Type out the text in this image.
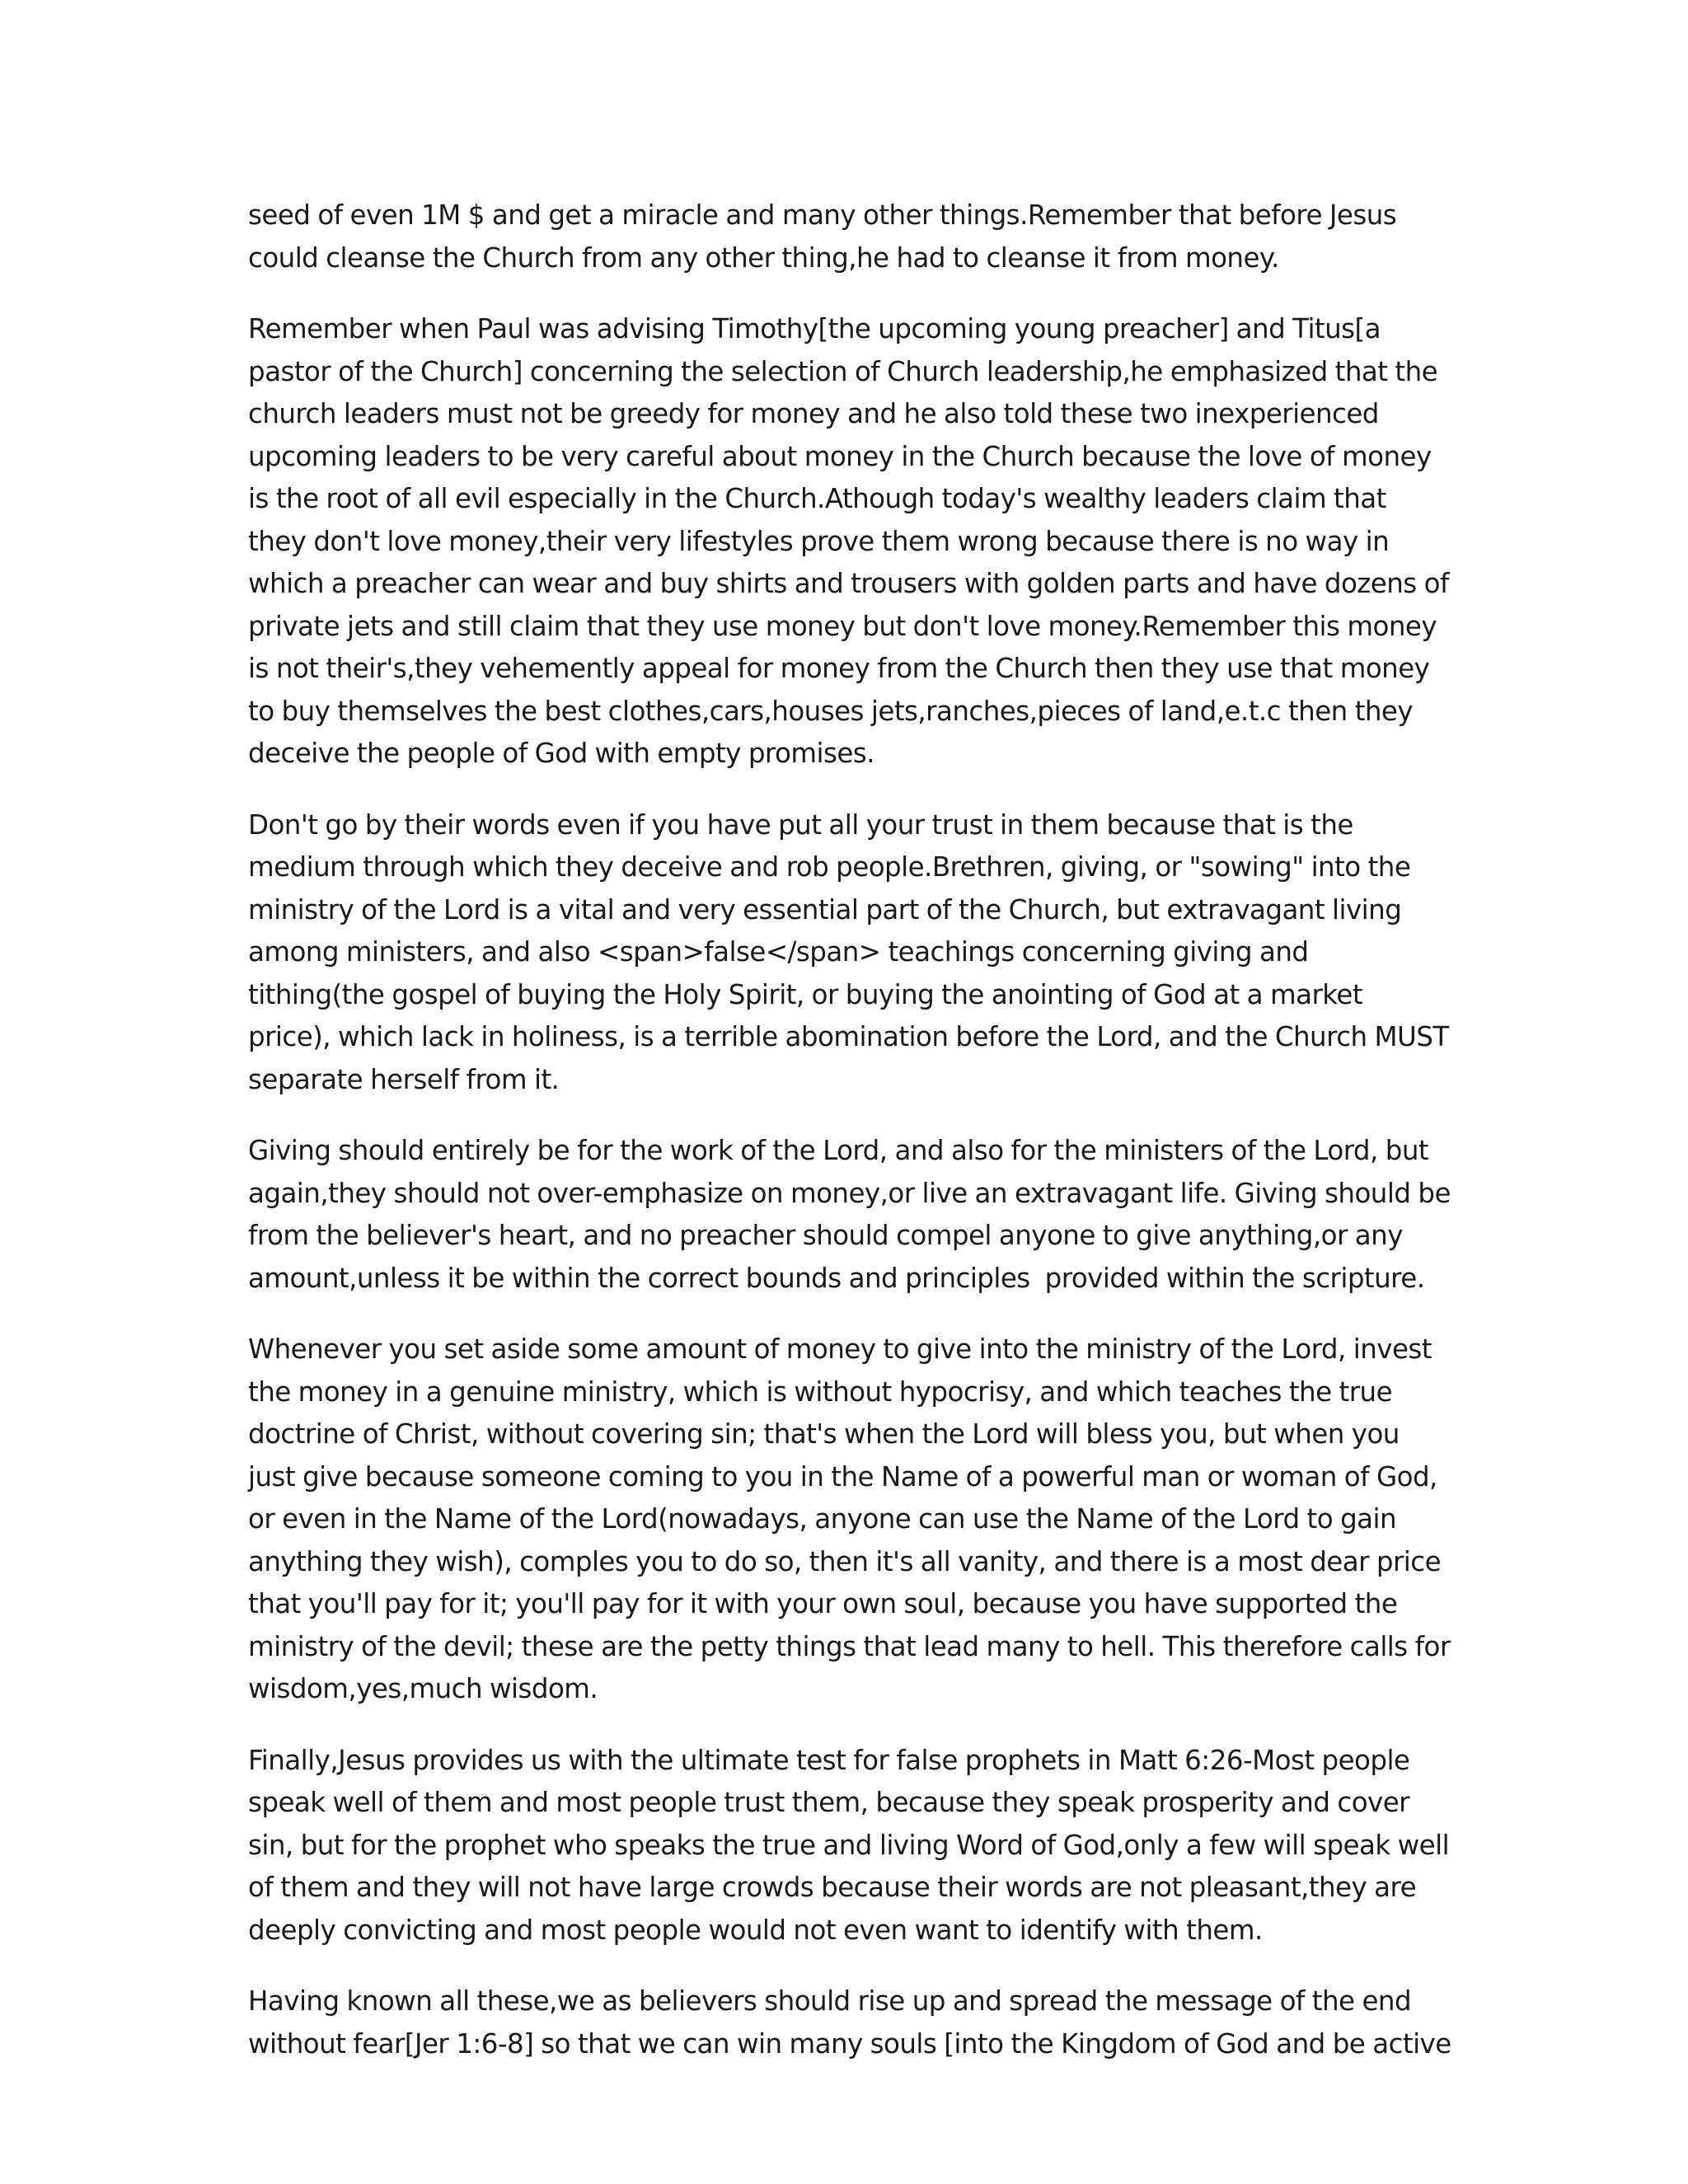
seed of even 1M $ and get a miracle and many other things.Remember that before Jesus could cleanse the Church from any other thing,he had to cleanse it from money.

Remember when Paul was advising Timothy[the upcoming young preacher] and Titus[a pastor of the Church] concerning the selection of Church leadership,he emphasized that the church leaders must not be greedy for money and he also told these two inexperienced upcoming leaders to be very careful about money in the Church because the love of money is the root of all evil especially in the Church.Athough today's wealthy leaders claim that they don't love money,their very lifestyles prove them wrong because there is no way in which a preacher can wear and buy shirts and trousers with golden parts and have dozens of private jets and still claim that they use money but don't love money.Remember this money is not their's,they vehemently appeal for money from the Church then they use that money to buy themselves the best clothes,cars,houses jets,ranches,pieces of land,e.t.c then they deceive the people of God with empty promises.

Don't go by their words even if you have put all your trust in them because that is the medium through which they deceive and rob people.Brethren, giving, or "sowing" into the ministry of the Lord is a vital and very essential part of the Church, but extravagant living among ministers, and also <span>false</span> teachings concerning giving and tithing(the gospel of buying the Holy Spirit, or buying the anointing of God at a market price), which lack in holiness, is a terrible abomination before the Lord, and the Church MUST separate herself from it.

Giving should entirely be for the work of the Lord, and also for the ministers of the Lord, but again,they should not over-emphasize on money,or live an extravagant life. Giving should be from the believer's heart, and no preacher should compel anyone to give anything,or any amount,unless it be within the correct bounds and principles  provided within the scripture.

Whenever you set aside some amount of money to give into the ministry of the Lord, invest the money in a genuine ministry, which is without hypocrisy, and which teaches the true doctrine of Christ, without covering sin; that's when the Lord will bless you, but when you just give because someone coming to you in the Name of a powerful man or woman of God, or even in the Name of the Lord(nowadays, anyone can use the Name of the Lord to gain anything they wish), comples you to do so, then it's all vanity, and there is a most dear price that you'll pay for it; you'll pay for it with your own soul, because you have supported the ministry of the devil; these are the petty things that lead many to hell. This therefore calls for wisdom,yes,much wisdom.

Finally,Jesus provides us with the ultimate test for false prophets in Matt 6:26-Most people speak well of them and most people trust them, because they speak prosperity and cover sin, but for the prophet who speaks the true and living Word of God,only a few will speak well of them and they will not have large crowds because their words are not pleasant,they are deeply convicting and most people would not even want to identify with them.

Having known all these,we as believers should rise up and spread the message of the end without fear[Jer 1:6-8] so that we can win many souls [into the Kingdom of God and be active
